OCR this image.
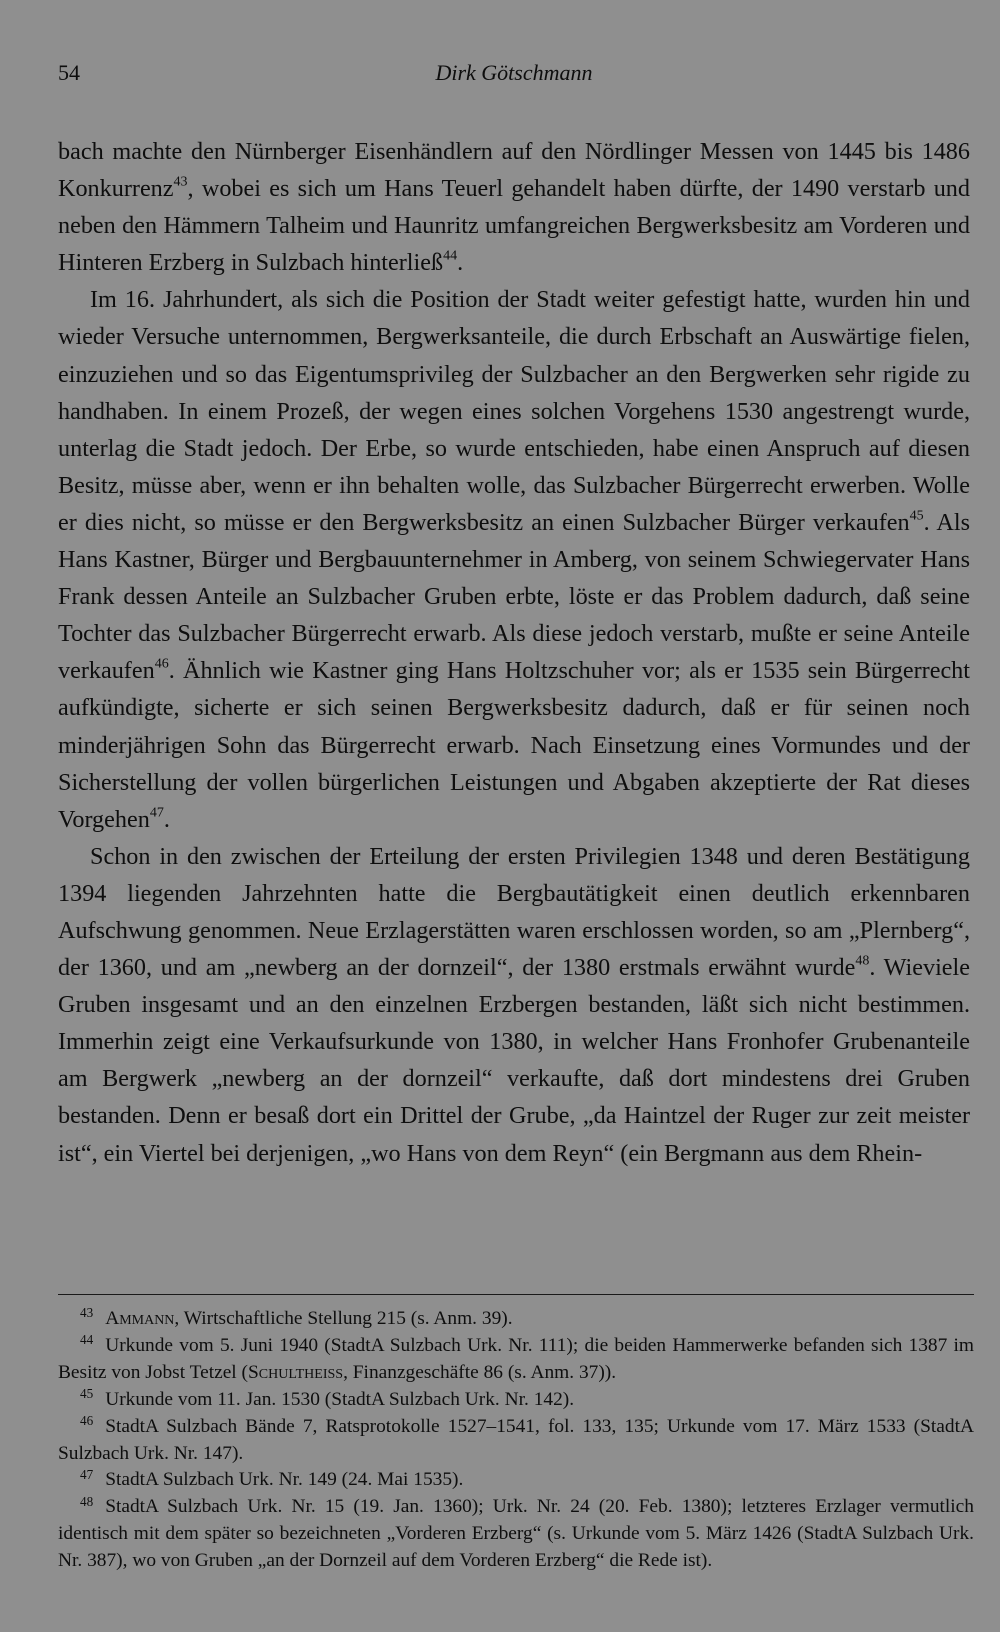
54	Dirk Götschmann

bach machte den Nürnberger Eisenhändlern auf den Nördlinger Messen von 1445 bis 1486 Konkurrenz$^{43}$, wobei es sich um Hans Teuerl gehandelt haben dürfte, der 1490 verstarb und neben den Hämmern Talheim und Haunritz umfangreichen Bergwerksbesitz am Vorderen und Hinteren Erzberg in Sulzbach hinterließ$^{44}$.

Im 16. Jahrhundert, als sich die Position der Stadt weiter gefestigt hatte, wurden hin und wieder Versuche unternommen, Bergwerksanteile, die durch Erbschaft an Auswärtige fielen, einzuziehen und so das Eigentumsprivileg der Sulzbacher an den Bergwerken sehr rigide zu handhaben. In einem Prozeß, der wegen eines solchen Vorgehens 1530 angestrengt wurde, unterlag die Stadt jedoch. Der Erbe, so wurde entschieden, habe einen Anspruch auf diesen Besitz, müsse aber, wenn er ihn behalten wolle, das Sulzbacher Bürgerrecht erwerben. Wolle er dies nicht, so müsse er den Bergwerksbesitz an einen Sulzbacher Bürger verkaufen$^{45}$. Als Hans Kastner, Bürger und Bergbauunternehmer in Amberg, von seinem Schwiegervater Hans Frank dessen Anteile an Sulzbacher Gruben erbte, löste er das Problem dadurch, daß seine Tochter das Sulzbacher Bürgerrecht erwarb. Als diese jedoch verstarb, mußte er seine Anteile verkaufen$^{46}$. Ähnlich wie Kastner ging Hans Holtzschuher vor; als er 1535 sein Bürgerrecht aufkündigte, sicherte er sich seinen Bergwerksbesitz dadurch, daß er für seinen noch minderjährigen Sohn das Bürgerrecht erwarb. Nach Einsetzung eines Vormundes und der Sicherstellung der vollen bürgerlichen Leistungen und Abgaben akzeptierte der Rat dieses Vorgehen$^{47}$.

Schon in den zwischen der Erteilung der ersten Privilegien 1348 und deren Bestätigung 1394 liegenden Jahrzehnten hatte die Bergbautätigkeit einen deutlich erkennbaren Aufschwung genommen. Neue Erzlagerstätten waren erschlossen worden, so am „Plernberg“, der 1360, und am „newberg an der dornzeil“, der 1380 erstmals erwähnt wurde$^{48}$. Wieviele Gruben insgesamt und an den einzelnen Erzbergen bestanden, läßt sich nicht bestimmen. Immerhin zeigt eine Verkaufsurkunde von 1380, in welcher Hans Fronhofer Grubenanteile am Bergwerk „newberg an der dornzeil“ verkaufte, daß dort mindestens drei Gruben bestanden. Denn er besaß dort ein Drittel der Grube, „da Haintzel der Ruger zur zeit meister ist“, ein Viertel bei derjenigen, „wo Hans von dem Reyn“ (ein Bergmann aus dem Rhein-

$^{43}$ Ammann, Wirtschaftliche Stellung 215 (s. Anm. 39).

$^{44}$ Urkunde vom 5. Juni 1940 (StadtA Sulzbach Urk. Nr. 111); die beiden Hammerwerke befanden sich 1387 im Besitz von Jobst Tetzel (Schultheiss, Finanzgeschäfte 86 (s. Anm. 37)).

$^{45}$ Urkunde vom 11. Jan. 1530 (StadtA Sulzbach Urk. Nr. 142).

$^{46}$ StadtA Sulzbach Bände 7, Ratsprotokolle 1527–1541, fol. 133, 135; Urkunde vom 17. März 1533 (StadtA Sulzbach Urk. Nr. 147).

$^{47}$ StadtA Sulzbach Urk. Nr. 149 (24. Mai 1535).

$^{48}$ StadtA Sulzbach Urk. Nr. 15 (19. Jan. 1360); Urk. Nr. 24 (20. Feb. 1380); letzteres Erzlager vermutlich identisch mit dem später so bezeichneten „Vorderen Erzberg“ (s. Urkunde vom 5. März 1426 (StadtA Sulzbach Urk. Nr. 387), wo von Gruben „an der Dornzeil auf dem Vorderen Erzberg“ die Rede ist).
